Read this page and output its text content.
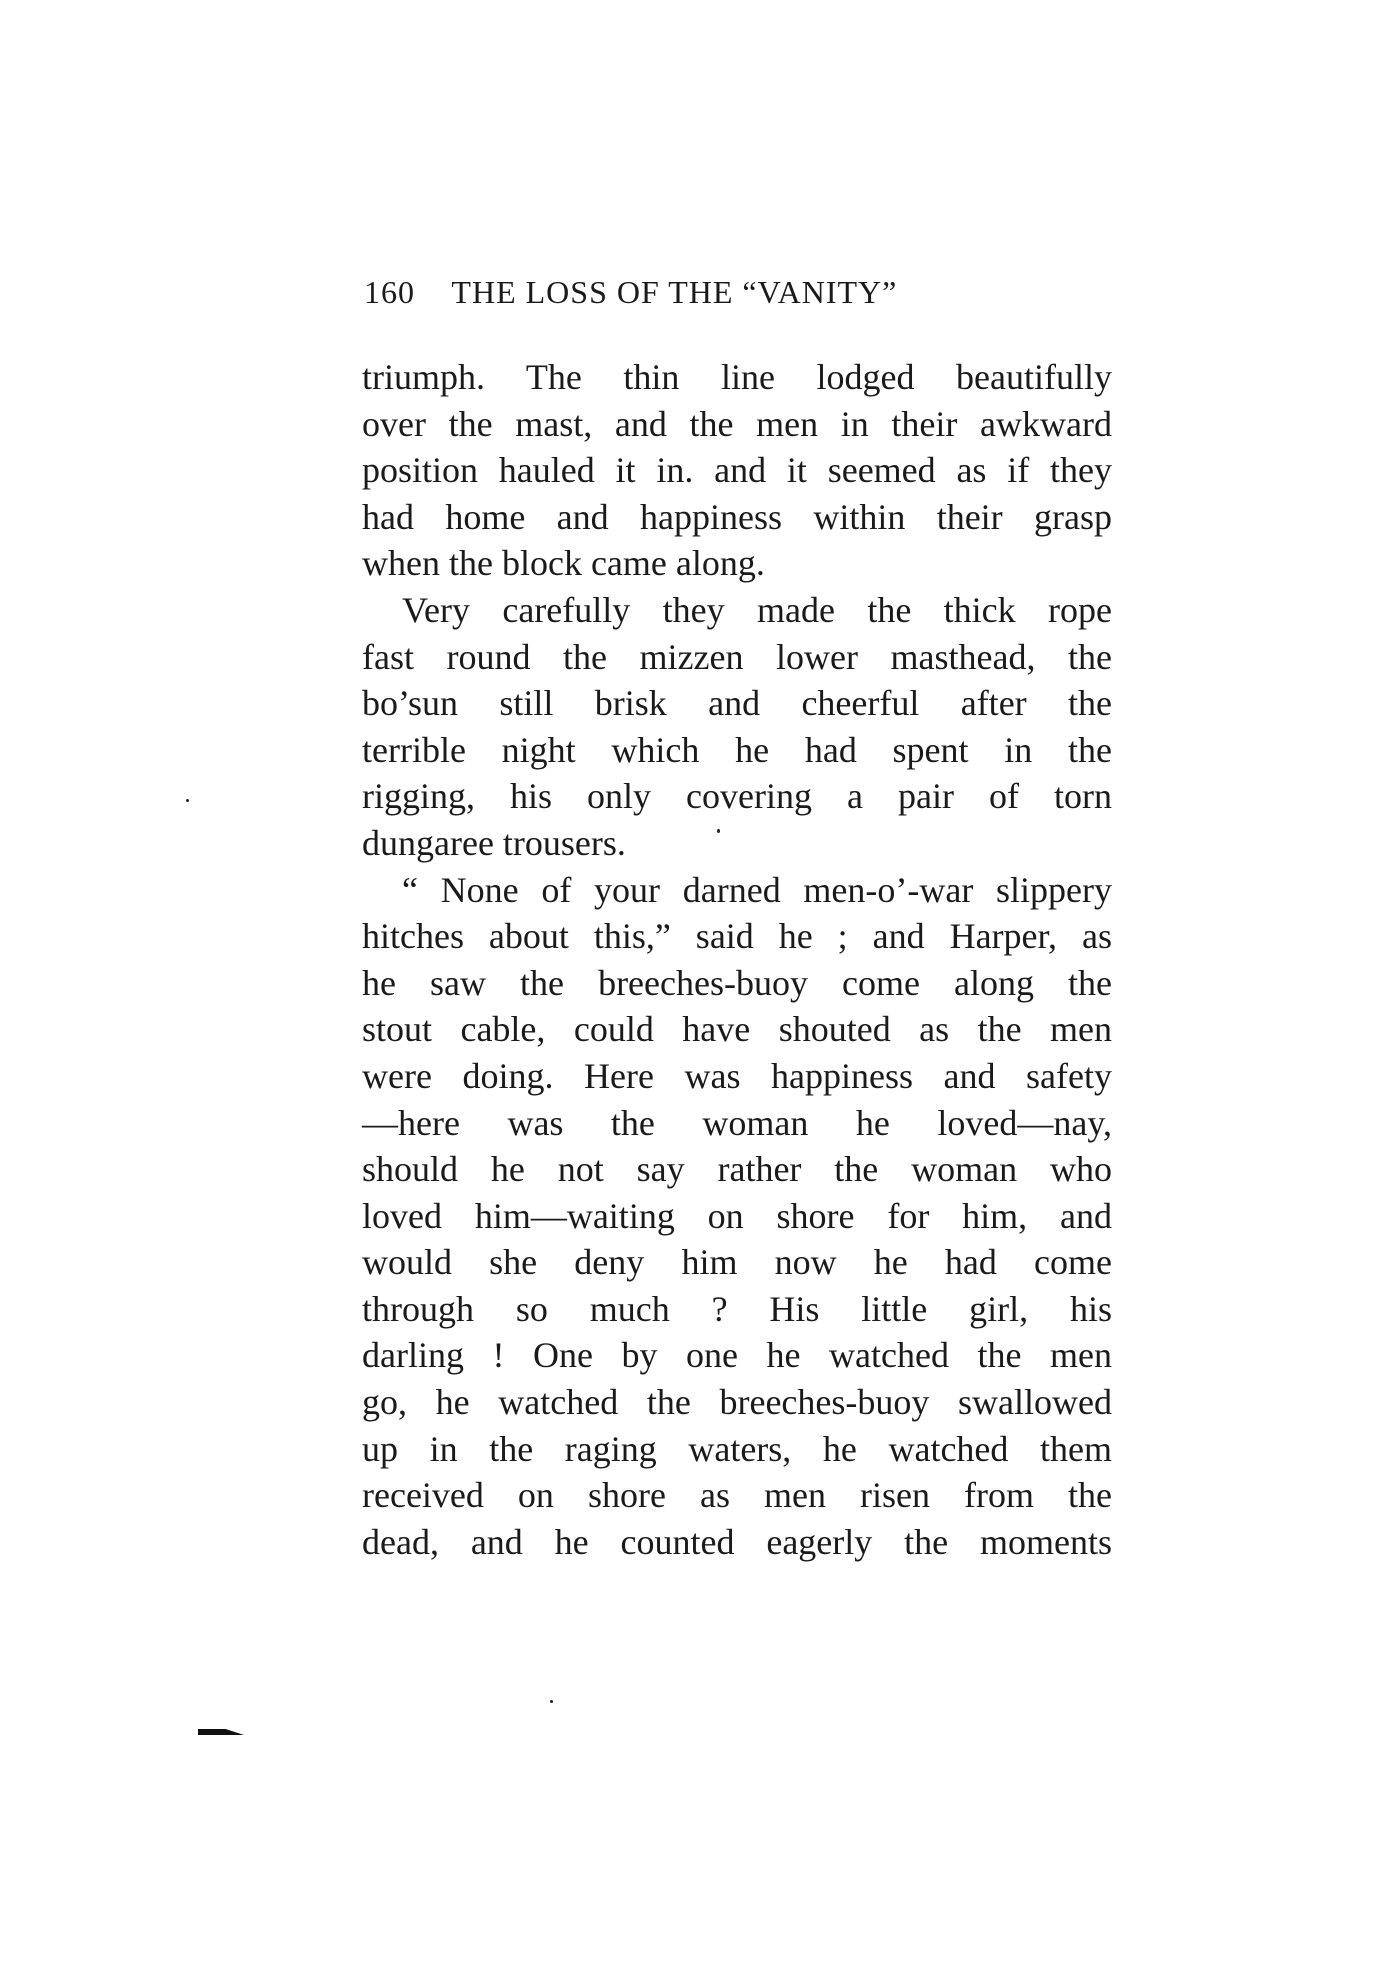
160 THE LOSS OF THE “VANITY”
triumph. The thin line lodged beautifully
over the mast, and the men in their awkward
position hauled it in. and it seemed as if they
had home and happiness within their grasp
when the block came along.
Very carefully they made the thick rope
fast round the mizzen lower masthead, the
bo’sun still brisk and cheerful after the
terrible night which he had spent in the
rigging, his only covering a pair of torn
dungaree trousers.
“ None of your darned men-o’-war slippery
hitches about this,” said he ; and Harper, as
he saw the breeches-buoy come along the
stout cable, could have shouted as the men
were doing. Here was happiness and safety
—here was the woman he loved—nay,
should he not say rather the woman who
loved him—waiting on shore for him, and
would she deny him now he had come
through so much ? His little girl, his
darling ! One by one he watched the men
go, he watched the breeches-buoy swallowed
up in the raging waters, he watched them
received on shore as men risen from the
dead, and he counted eagerly the moments
